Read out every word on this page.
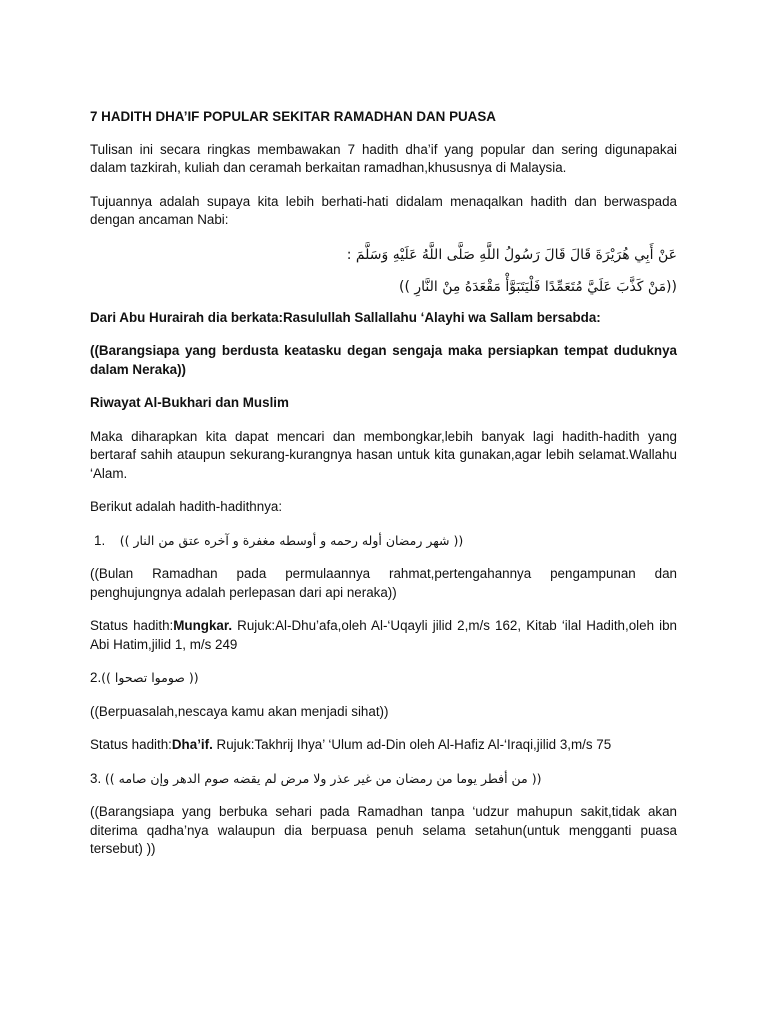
7 HADITH DHA’IF POPULAR SEKITAR RAMADHAN DAN PUASA
Tulisan ini secara ringkas membawakan 7 hadith dha’if yang popular dan sering digunapakai dalam tazkirah, kuliah dan ceramah berkaitan ramadhan,khususnya di Malaysia.
Tujuannya adalah supaya kita lebih berhati-hati didalam menaqalkan hadith dan berwaspada dengan ancaman Nabi:
عَنْ أَبِي هُرَيْرَةَ قَالَ قَالَ رَسُولُ اللَّهِ صَلَّى اللَّهُ عَلَيْهِ وَسَلَّمَ :
((مَنْ كَذَّبَ عَلَيَّ مُتَعَمِّدًا فَلْيَتَبَوَّأْ مَقْعَدَهُ مِنْ النَّارِ ))
Dari Abu Hurairah dia berkata:Rasulullah Sallallahu ‘Alayhi wa Sallam bersabda:
((Barangsiapa yang berdusta keatasku degan sengaja maka persiapkan tempat duduknya dalam Neraka))
Riwayat Al-Bukhari dan Muslim
Maka diharapkan kita dapat mencari dan membongkar,lebih banyak lagi hadith-hadith yang bertaraf sahih ataupun sekurang-kurangnya hasan untuk kita gunakan,agar lebih selamat.Wallahu ‘Alam.
Berikut adalah hadith-hadithnya:
1. (( شهر رمضان أوله رحمه و أوسطه مغفرة و آخره عتق من النار ))
((Bulan Ramadhan pada permulaannya rahmat,pertengahannya pengampunan dan penghujungnya adalah perlepasan dari api neraka))
Status hadith:Mungkar. Rujuk:Al-Dhu’afa,oleh Al-‘Uqayli jilid 2,m/s 162, Kitab ‘ilal Hadith,oleh ibn Abi Hatim,jilid 1, m/s 249
2.(( صوموا تصحوا ))
((Berpuasalah,nescaya kamu akan menjadi sihat))
Status hadith:Dha’if. Rujuk:Takhrij Ihya’ ‘Ulum ad-Din oleh Al-Hafiz Al-‘Iraqi,jilid 3,m/s 75
3. (( من أفطر يوما من رمضان من غير عذر ولا مرض لم يقضه صوم الدهر وإن صامه ))
((Barangsiapa yang berbuka sehari pada Ramadhan tanpa ‘udzur mahupun sakit,tidak akan diterima qadha’nya walaupun dia berpuasa penuh selama setahun(untuk mengganti puasa tersebut) ))
